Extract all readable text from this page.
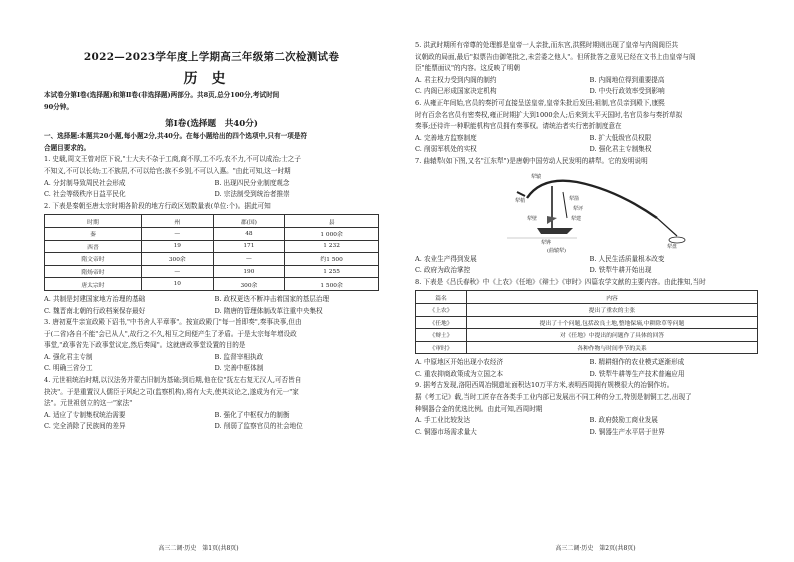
2022—2023学年度上学期高三年级第二次检测试卷

历史

本试卷分第Ⅰ卷(选择题)和第Ⅱ卷(非选择题)两部分。共8页,总分100分,考试时间

90分钟。

第Ⅰ卷(选择题　共40分)

一、选择题:本题共20小题,每小题2分,共40分。在每小题给出的四个选项中,只有一项是符

合题目要求的。

1. 史载,周文王曾对臣下说,"士大夫不杂于工商,商不厚,工不巧,农不力,不可以成治;士之子

不知义,不可以长幼;工不族居,不可以给官;族不乡别,不可以入惠。"由此可知,这一时期

A. 分封制导致周民社会形成	B. 出现四民分业制度观念
C. 社会等级秩序日益平民化	D. 宗法制受到统治者推崇

2. 下表是秦朝至唐太宗时期各阶段的地方行政区划数量表(单位:个)。据此可知

时期	州	郡(国)	县
秦	—	48	1 000余
西晋	19	171	1 232
隋文帝时	300余	—	约1 500
隋炀帝时	—	190	1 255
唐太宗时	10	300余	1 500余
A. 共制是封建国家地方治理的基础	B. 政权更迭不断冲击着国家的基层治理
C. 魏晋南北朝的行政档案保存最好	D. 隋唐的管理体制改革注重中央集权

3. 唐初夏牛亲宣政殿下诏书,"中书舍人平章事"。按宣政殿门"每一旨即奏",奏事决事,但由

于(二省)各自不能"会已从人",故行之不久,相互之间便产生了矛盾。于是太宗每年增设政

事堂,"政事省先下政事堂议定,然后奏闻"。这就唐政事堂设置的目的是

A. 强化君主专制	B. 监督宰相执政
C. 明确三省分工	D. 完善中枢体制

4. 元世祖统治时期,以汉法务并蒙古旧制为基础;到后期,他在位"抚左右复无汉人,可否皆自

抉决"。于是重置汉人儒臣于风纪之司(监察机构),将有大夫,使其议论之,遂成为有元一"家

法"。元世祖创立的这一"家法"

A. 适应了专制集权统治需要	B. 强化了中枢权力的制衡
C. 完全消除了民族间的差异	D. 削弱了监察官员的社会地位
高三二调·历史　第1页(共8页)

5. 洪武时期所有帝尊的处理都是皇帝一人亲批,而东宫,洪熙时期则出现了皇帝与内阁阁臣共

议朝政的局面,最后"拟票告由御笔批之,未尝委之他人"。但所批答之意见已经在文书上由皇帝与阁

臣"能票面议"的内容。这反映了明朝

A. 君主权力受到内阁的制约	B. 内阁地位得到重要提高
C. 内阁已形成国家决定机构	D. 中央行政效率受到影响

6. 从雍正年间始,官员的奏折可直接呈送皇帝,皇帝朱批后发回;祖制,官员亲到殿下,康熙

时有百余名官员有密奏权,雍正时期扩大到1000余人;后来到太平天国时,名官员参与奏折草拟

奏事;还待许一种职能机构官员拥有奏事权。请统治者实行密折制度意在

A. 完善地方监察制度	B. 扩大低级官员权限
C. 削弱军机处的实权	D. 强化君主专制集权

7. 曲辕犁(如下图,又名"江东犁")是唐朝中国劳动人民发明的耕犁。它的发明说明

犁辕
犁梢	犁箭
犁评
犁建
犁壁
犁铧
犁盘
(曲辕犁)
A. 农业生产得到发展	B. 人民生活质量根本改变
C. 政府为政治掌控	D. 铁犁牛耕开始出现

8. 下表是《吕氏春秋》中《上农》《任地》《辩土》《审时》四篇农学文献的主要内容。由此推知,当时

篇名	内容
《上农》	提出了重农的主张
《任地》	提出了十个问题,包括改良土地,整地保墒,中耕除草等问题
《辩土》	对《任地》中提出的问题作了具体的回答
《审时》	各种作物与时间季节的关系
A. 中原地区开始出现小农经济	B. 精耕细作的农业模式逐渐形成
C. 重农抑商政策成为立国之本	D. 铁犁牛耕等生产技术普遍应用

9. 据考古发现,洛阳西周冶铜遗址面积达10万平方米,表明西周拥有规模很大的冶铜作坊。

据《考工记》载,当时工匠存在各类手工业内部已发展出不同工种的分工,特别是制铜工艺,出现了

种铜器合金的优选比例。由此可知,西周时期

A. 手工业比较发达	B. 政府鼓励工商业发展
C. 铜器市场需求量大	D. 铜器生产水平居于世界
高三二调·历史　第2页(共8页)
